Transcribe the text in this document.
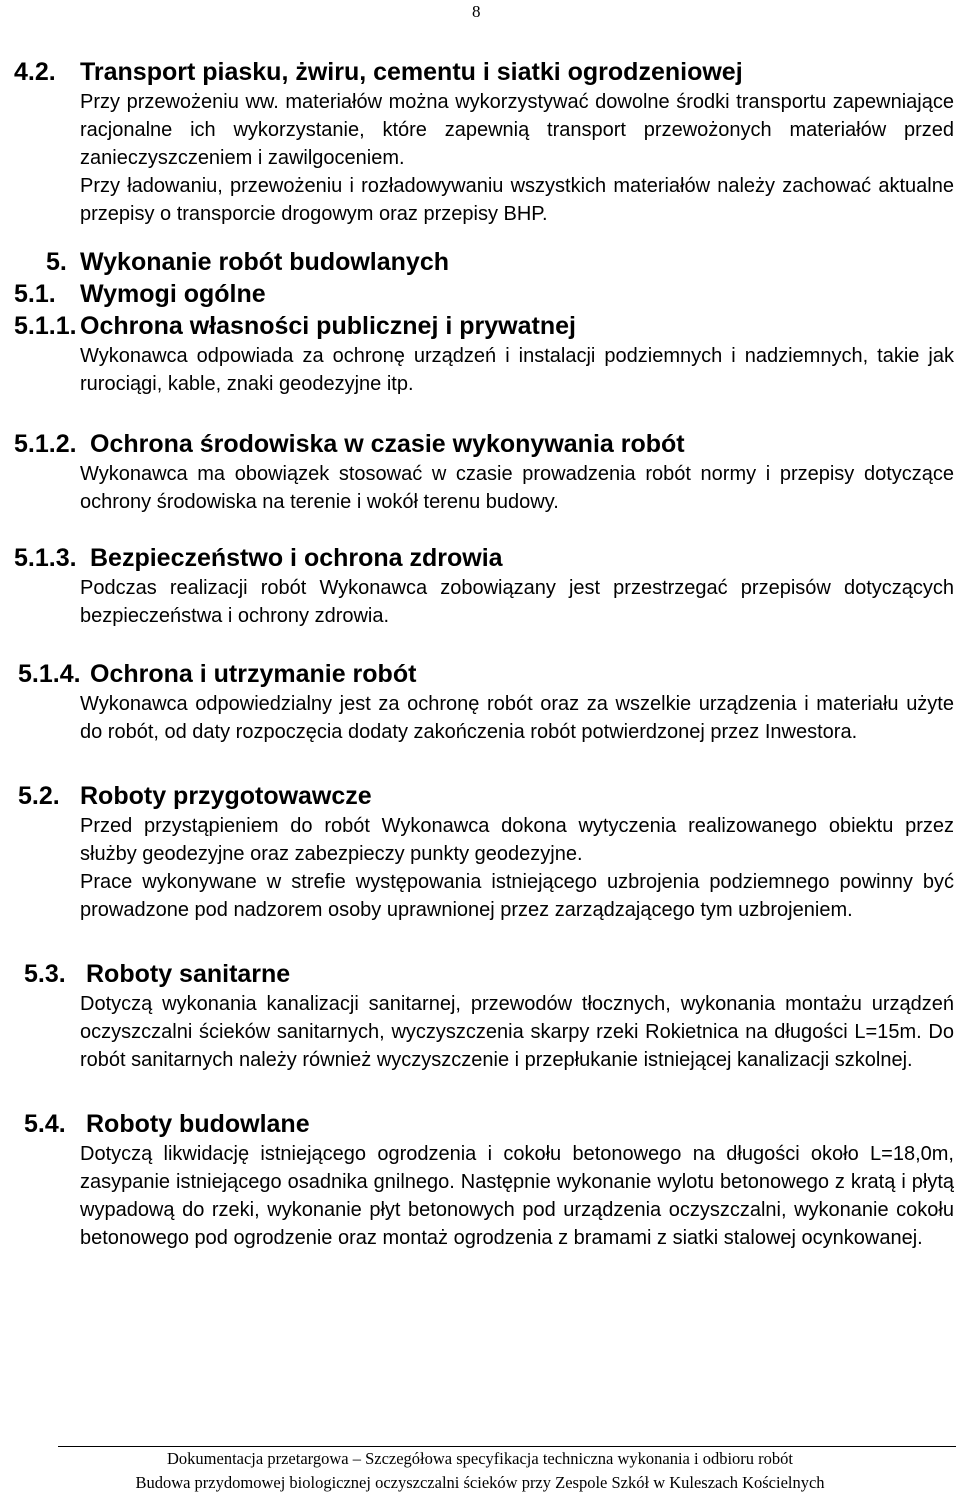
8
4.2. Transport piasku, żwiru, cementu i siatki ogrodzeniowej

Przy przewożeniu ww. materiałów można wykorzystywać dowolne środki transportu zapewniające racjonalne ich wykorzystanie, które zapewnią transport przewożonych materiałów przed zanieczyszczeniem i zawilgoceniem.

Przy ładowaniu, przewożeniu i rozładowywaniu wszystkich materiałów należy zachować aktualne przepisy o transporcie drogowym oraz przepisy BHP.

5. Wykonanie robót budowlanych
5.1. Wymogi ogólne
5.1.1. Ochrona własności publicznej i prywatnej

Wykonawca odpowiada za ochronę urządzeń i instalacji podziemnych i nadziemnych, takie jak rurociągi, kable, znaki geodezyjne itp.

5.1.2. Ochrona środowiska w czasie wykonywania robót

Wykonawca ma obowiązek stosować w czasie prowadzenia robót normy i przepisy dotyczące ochrony środowiska na terenie i wokół terenu budowy.

5.1.3. Bezpieczeństwo i ochrona zdrowia

Podczas realizacji robót Wykonawca zobowiązany jest przestrzegać przepisów dotyczących bezpieczeństwa i ochrony zdrowia.

5.1.4. Ochrona i utrzymanie robót

Wykonawca odpowiedzialny jest za ochronę robót oraz za wszelkie urządzenia i materiału użyte do robót, od daty rozpoczęcia dodaty zakończenia robót potwierdzonej przez Inwestora.

5.2. Roboty przygotowawcze

Przed przystąpieniem do robót Wykonawca dokona wytyczenia realizowanego obiektu przez służby geodezyjne oraz zabezpieczy punkty geodezyjne.

Prace wykonywane w strefie występowania istniejącego uzbrojenia podziemnego powinny być prowadzone pod nadzorem osoby uprawnionej przez zarządzającego tym uzbrojeniem.

5.3. Roboty sanitarne

Dotyczą wykonania kanalizacji sanitarnej, przewodów tłocznych, wykonania montażu urządzeń oczyszczalni ścieków sanitarnych, wyczyszczenia skarpy rzeki Rokietnica na długości L=15m. Do robót sanitarnych należy również wyczyszczenie i przepłukanie istniejącej kanalizacji szkolnej.

5.4. Roboty budowlane

Dotyczą likwidację istniejącego ogrodzenia i cokołu betonowego na długości około L=18,0m, zasypanie istniejącego osadnika gnilnego. Następnie wykonanie wylotu betonowego z kratą i płytą wypadową do rzeki, wykonanie płyt betonowych pod urządzenia oczyszczalni, wykonanie cokołu betonowego pod ogrodzenie oraz montaż ogrodzenia z bramami z siatki stalowej ocynkowanej.

Dokumentacja przetargowa – Szczegółowa specyfikacja techniczna wykonania i odbioru robót
Budowa przydomowej biologicznej oczyszczalni ścieków przy Zespole Szkół w Kuleszach Kościelnych
